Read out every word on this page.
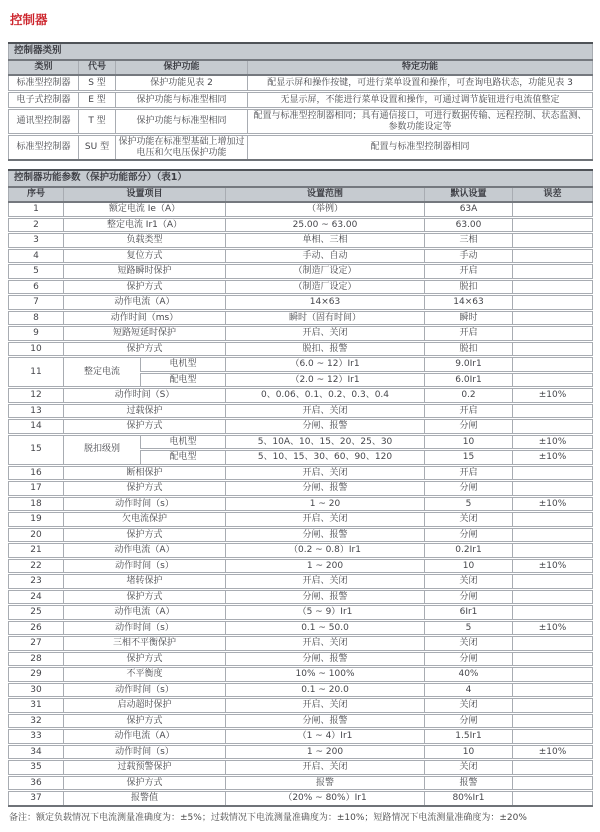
控制器
控制器类别			
类别	代号	保护功能	特定功能
标准型控制器	S 型	保护功能见表 2	配显示屏和操作按键，可进行菜单设置和操作，可查询电路状态，功能见表 3
电子式控制器	E 型	保护功能与标准型相同	无显示屏，不能进行菜单设置和操作，可通过调节旋钮进行电流值整定
通讯型控制器	T 型	保护功能与标准型相同	配置与标准型控制器相同；具有通信接口，可进行数据传输、远程控制、状态监测、参数功能设定等
标准型控制器	SU 型	保护功能在标准型基础上增加过电压和欠电压保护功能	配置与标准型控制器相同
控制器功能参数（保护功能部分）（表1）					
序号	设置项目		设置范围	默认设置	误差
1	额定电流 Ie（A）		（举例）	63A	
2	整定电流 Ir1（A）		25.00 ~ 63.00	63.00	
3	负载类型		单相、三相	三相	
4	复位方式		手动、自动	手动	
5	短路瞬时保护		（制造厂设定）	开启	
6	保护方式		（制造厂设定）	脱扣	
7	动作电流（A）		14×63	14×63	
8	动作时间（ms）		瞬时（固有时间）	瞬时	
9	短路短延时保护		开启、关闭	开启	
10	保护方式		脱扣、报警	脱扣	
11	整定电流	电机型	（6.0 ~ 12）Ir1	9.0Ir1	
		配电型	（2.0 ~ 12）Ir1	6.0Ir1	
12	动作时间（S）		0、0.06、0.1、0.2、0.3、0.4	0.2	±10%
13	过载保护		开启、关闭	开启	
14	保护方式		分闸、报警	分闸	
15	脱扣级别	电机型	5、10A、10、15、20、25、30	10	±10%
		配电型	5、10、15、30、60、90、120	15	±10%
16	断相保护		开启、关闭	开启	
17	保护方式		分闸、报警	分闸	
18	动作时间（s）		1 ~ 20	5	±10%
19	欠电流保护		开启、关闭	关闭	
20	保护方式		分闸、报警	分闸	
21	动作电流（A）		（0.2 ~ 0.8）Ir1	0.2Ir1	
22	动作时间（s）		1 ~ 200	10	±10%
23	堵转保护		开启、关闭	关闭	
24	保护方式		分闸、报警	分闸	
25	动作电流（A）		（5 ~ 9）Ir1	6Ir1	
26	动作时间（s）		0.1 ~ 50.0	5	±10%
27	三相不平衡保护		开启、关闭	关闭	
28	保护方式		分闸、报警	分闸	
29	不平衡度		10% ~ 100%	40%	
30	动作时间（s）		0.1 ~ 20.0	4	
31	启动超时保护		开启、关闭	关闭	
32	保护方式		分闸、报警	分闸	
33	动作电流（A）		（1 ~ 4）Ir1	1.5Ir1	
34	动作时间（s）		1 ~ 200	10	±10%
35	过载预警保护		开启、关闭	关闭	
36	保护方式		报警	报警	
37	报警值		（20% ~ 80%）Ir1	80%Ir1	

备注：额定负载情况下电流测量准确度为：±5%；过载情况下电流测量准确度为：±10%；短路情况下电流测量准确度为：±20%
